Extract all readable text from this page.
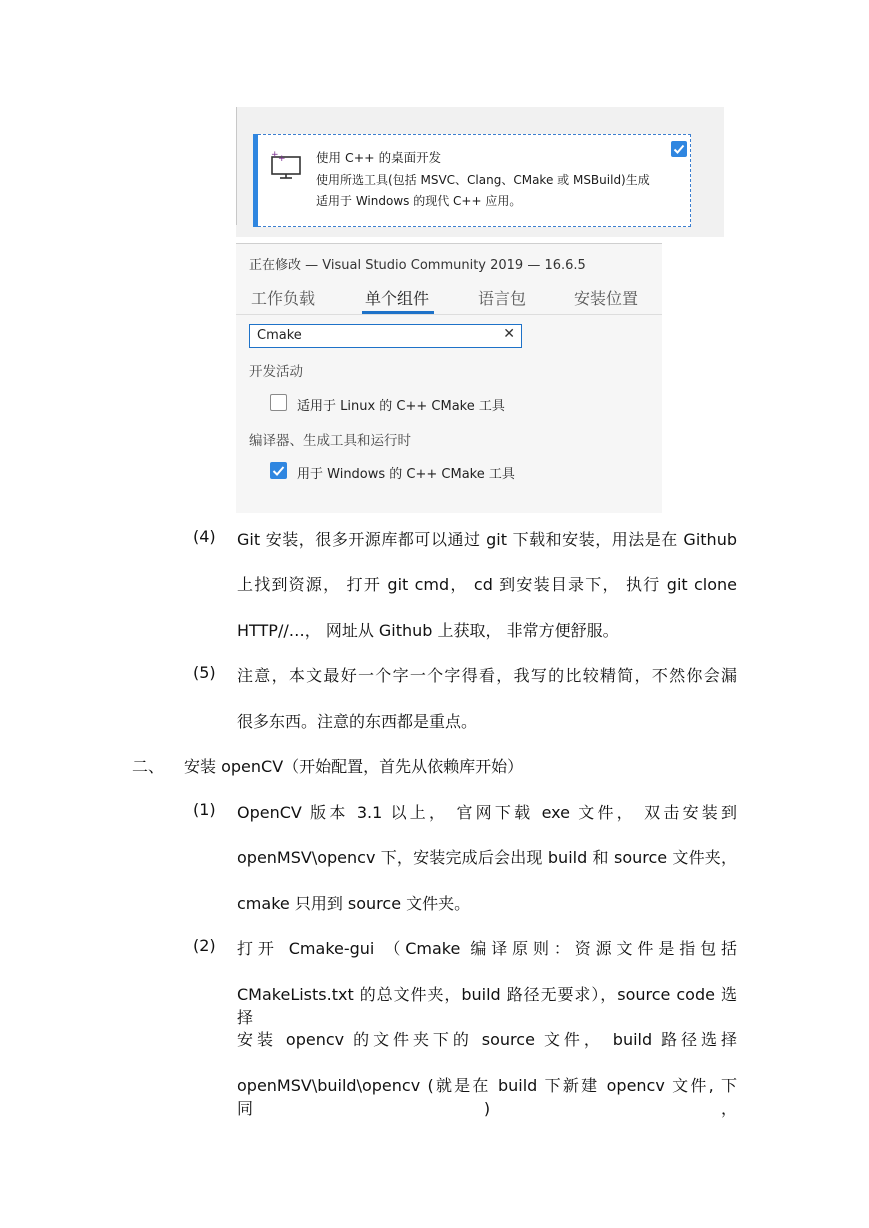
+ + 使用 C++ 的桌面开发
使用所选工具(包括 MSVC、Clang、CMake 或 MSBuild)生成
适用于 Windows 的现代 C++ 应用。
正在修改 — Visual Studio Community 2019 — 16.6.5
工作负载	单个组件	语言包	安装位置
Cmake	✕
开发活动
适用于 Linux 的 C++ CMake 工具
编译器、生成工具和运行时
用于 Windows 的 C++ CMake 工具
(4) Git 安装，很多开源库都可以通过 git 下载和安装，用法是在 Github
上找到资源， 打开 git cmd， cd 到安装目录下， 执行 git clone
HTTP//…， 网址从 Github 上获取， 非常方便舒服。
(5) 注意，本文最好一个字一个字得看，我写的比较精简，不然你会漏
很多东西。注意的东西都是重点。
二、 安装 openCV（开始配置，首先从依赖库开始）
(1) OpenCV 版本 3.1 以上， 官网下载 exe 文件， 双击安装到
openMSV\opencv 下，安装完成后会出现 build 和 source 文件夹，
cmake 只用到 source 文件夹。
(2) 打开 Cmake-gui （Cmake 编译原则：资源文件是指包括
CMakeLists.txt 的总文件夹，build 路径无要求），source code 选择
安装 opencv 的文件夹下的 source 文件， build 路径选择
openMSV\build\opencv (就是在 build 下新建 opencv 文件, 下同)，
